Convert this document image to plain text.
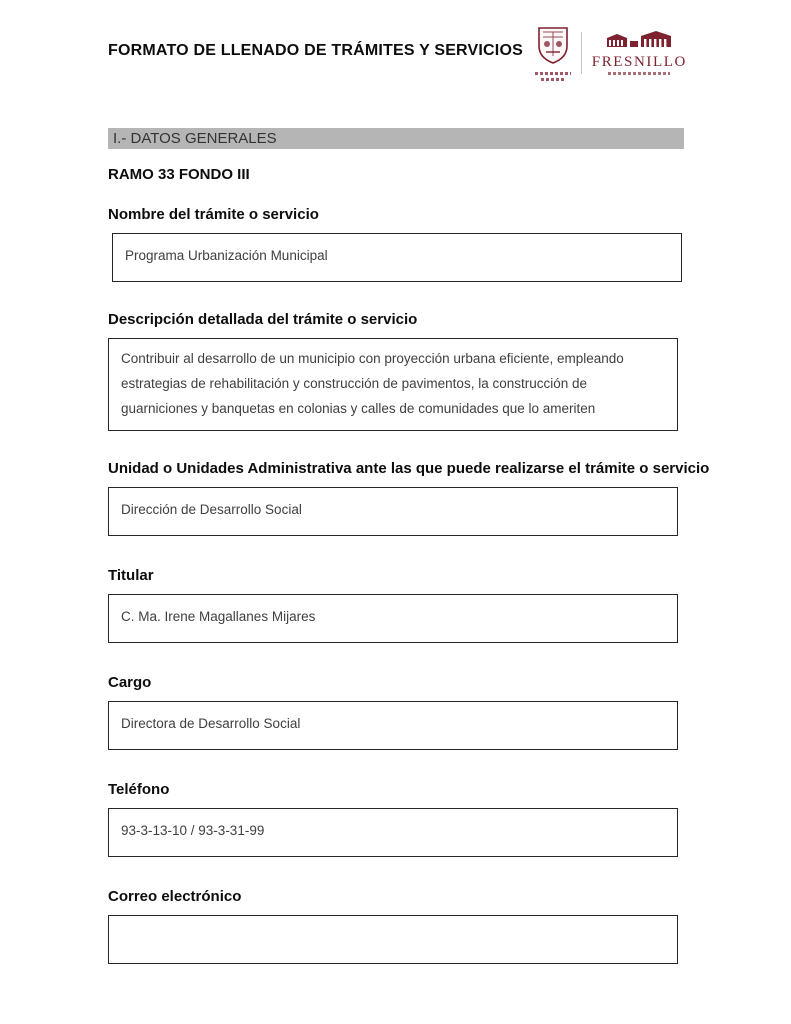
FORMATO DE LLENADO DE TRÁMITES Y SERVICIOS
FRESNILLO
I.- DATOS GENERALES
RAMO 33 FONDO III
Nombre del trámite o servicio
Programa Urbanización Municipal
Descripción detallada del trámite o servicio
Contribuir al desarrollo de un municipio con proyección urbana eficiente, empleando estrategias de rehabilitación y construcción de pavimentos, la construcción de guarniciones y banquetas en colonias y calles de comunidades que lo ameriten
Unidad o Unidades Administrativa ante las que puede realizarse el trámite o servicio
Dirección de Desarrollo Social
Titular
C. Ma. Irene Magallanes Mijares
Cargo
Directora de Desarrollo Social
Teléfono
93-3-13-10 / 93-3-31-99
Correo electrónico
